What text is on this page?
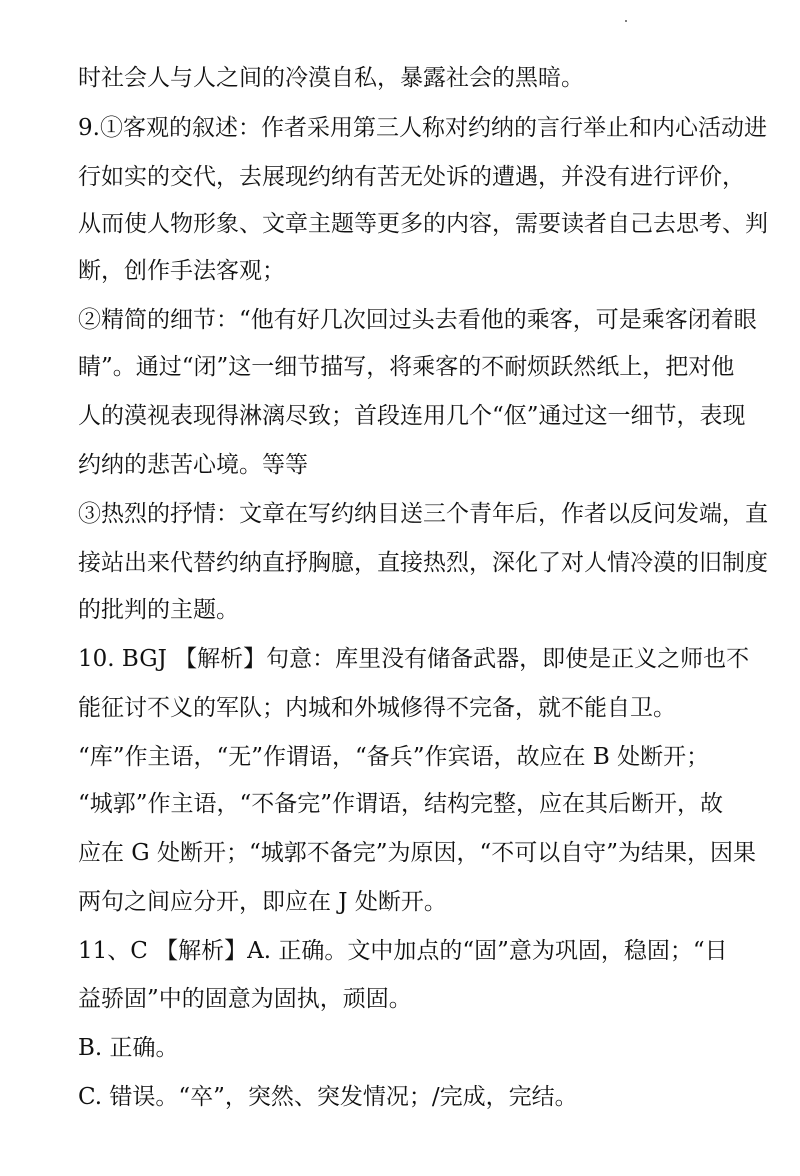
时社会人与人之间的冷漠自私，暴露社会的黑暗。
9.①客观的叙述：作者采用第三人称对约纳的言行举止和内心活动进
行如实的交代，去展现约纳有苦无处诉的遭遇，并没有进行评价，
从而使人物形象、文章主题等更多的内容，需要读者自己去思考、判
断，创作手法客观；
②精简的细节：“他有好几次回过头去看他的乘客，可是乘客闭着眼
睛”。通过“闭”这一细节描写，将乘客的不耐烦跃然纸上，把对他
人的漠视表现得淋漓尽致；首段连用几个“伛”通过这一细节，表现
约纳的悲苦心境。等等
③热烈的抒情：文章在写约纳目送三个青年后，作者以反问发端，直
接站出来代替约纳直抒胸臆，直接热烈，深化了对人情冷漠的旧制度
的批判的主题。
10. BGJ 【解析】句意：库里没有储备武器，即使是正义之师也不
能征讨不义的军队；内城和外城修得不完备，就不能自卫。
“库”作主语，“无”作谓语，“备兵”作宾语，故应在 B 处断开；
“城郭”作主语，“不备完”作谓语，结构完整，应在其后断开，故
应在 G 处断开；“城郭不备完”为原因，“不可以自守”为结果，因果
两句之间应分开，即应在 J 处断开。
11、C 【解析】A. 正确。文中加点的“固”意为巩固，稳固；“日
益骄固”中的固意为固执，顽固。
B. 正确。
C. 错误。“卒”，突然、突发情况；/完成，完结。
